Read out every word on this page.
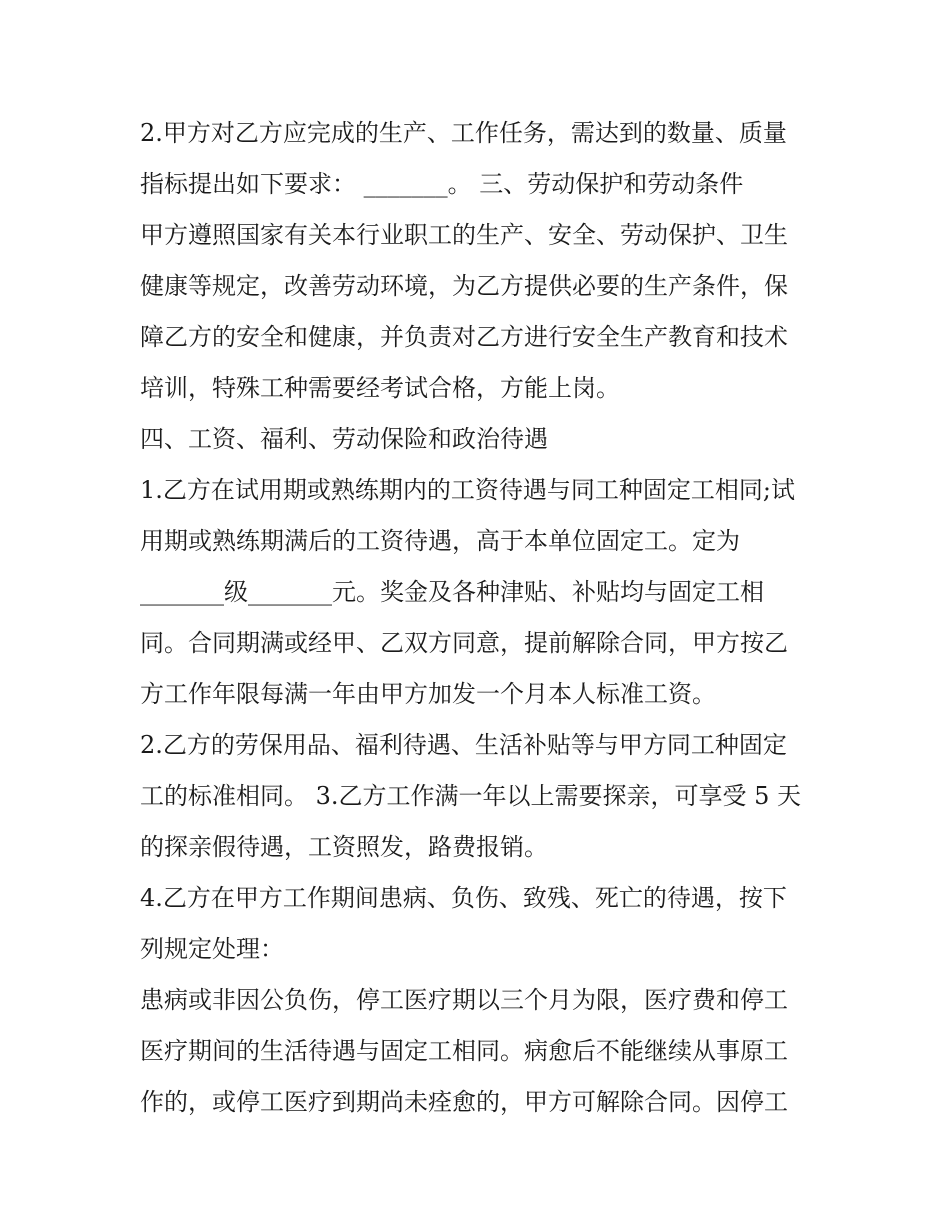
2.甲方对乙方应完成的生产、工作任务，需达到的数量、质量
指标提出如下要求： _______。 三、劳动保护和劳动条件
甲方遵照国家有关本行业职工的生产、安全、劳动保护、卫生
健康等规定，改善劳动环境，为乙方提供必要的生产条件，保
障乙方的安全和健康，并负责对乙方进行安全生产教育和技术
培训，特殊工种需要经考试合格，方能上岗。
四、工资、福利、劳动保险和政治待遇
1.乙方在试用期或熟练期内的工资待遇与同工种固定工相同;试
用期或熟练期满后的工资待遇，高于本单位固定工。定为
_______级_______元。奖金及各种津贴、补贴均与固定工相
同。合同期满或经甲、乙双方同意，提前解除合同，甲方按乙
方工作年限每满一年由甲方加发一个月本人标准工资。
2.乙方的劳保用品、福利待遇、生活补贴等与甲方同工种固定
工的标准相同。 3.乙方工作满一年以上需要探亲，可享受 5 天
的探亲假待遇，工资照发，路费报销。
4.乙方在甲方工作期间患病、负伤、致残、死亡的待遇，按下
列规定处理：
患病或非因公负伤，停工医疗期以三个月为限，医疗费和停工
医疗期间的生活待遇与固定工相同。病愈后不能继续从事原工
作的，或停工医疗到期尚未痊愈的，甲方可解除合同。因停工
